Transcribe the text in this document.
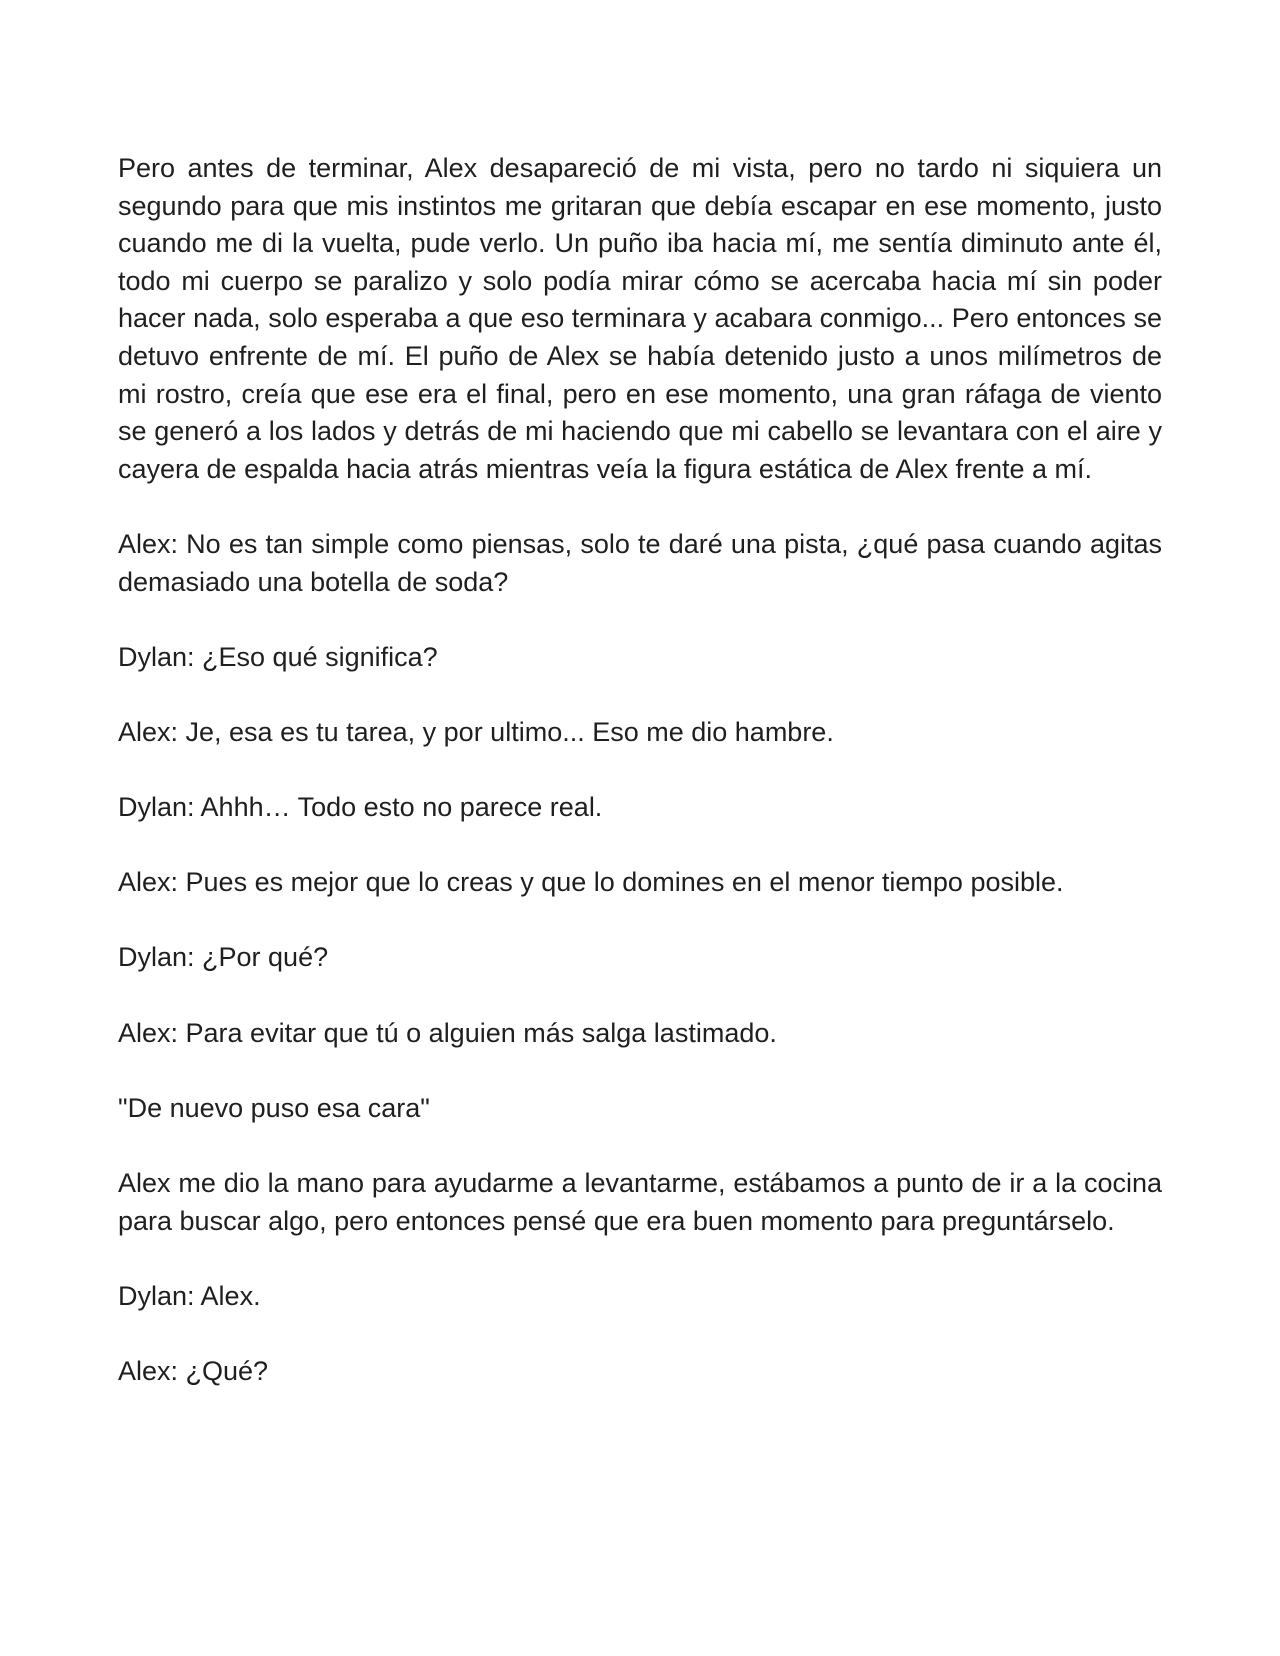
Pero antes de terminar, Alex desapareció de mi vista, pero no tardo ni siquiera un segundo para que mis instintos me gritaran que debía escapar en ese momento, justo cuando me di la vuelta, pude verlo. Un puño iba hacia mí, me sentía diminuto ante él, todo mi cuerpo se paralizo y solo podía mirar cómo se acercaba hacia mí sin poder hacer nada, solo esperaba a que eso terminara y acabara conmigo... Pero entonces se detuvo enfrente de mí. El puño de Alex se había detenido justo a unos milímetros de mi rostro, creía que ese era el final, pero en ese momento, una gran ráfaga de viento se generó a los lados y detrás de mi haciendo que mi cabello se levantara con el aire y cayera de espalda hacia atrás mientras veía la figura estática de Alex frente a mí.

Alex: No es tan simple como piensas, solo te daré una pista, ¿qué pasa cuando agitas demasiado una botella de soda?

Dylan: ¿Eso qué significa?

Alex: Je, esa es tu tarea, y por ultimo... Eso me dio hambre.

Dylan: Ahhh… Todo esto no parece real.

Alex: Pues es mejor que lo creas y que lo domines en el menor tiempo posible.

Dylan: ¿Por qué?

Alex: Para evitar que tú o alguien más salga lastimado.

"De nuevo puso esa cara"

Alex me dio la mano para ayudarme a levantarme, estábamos a punto de ir a la cocina para buscar algo, pero entonces pensé que era buen momento para preguntárselo.

Dylan: Alex.

Alex: ¿Qué?
